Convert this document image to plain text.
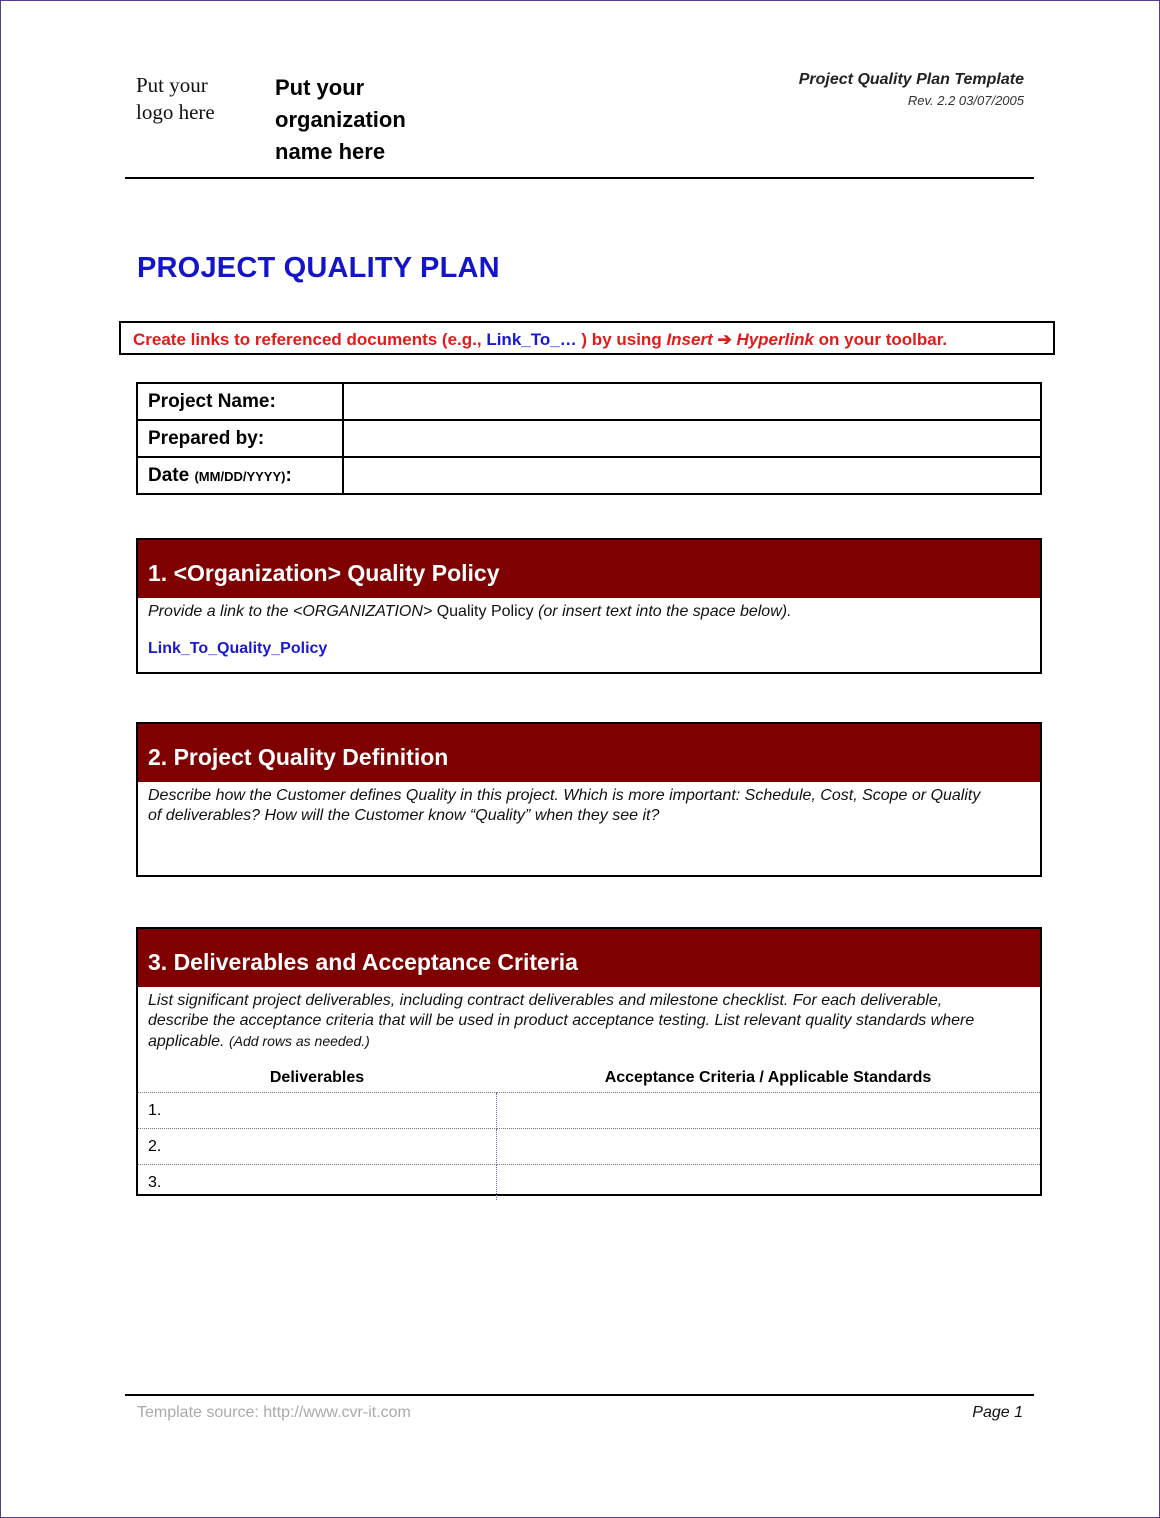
Put your
logo here
Put your
organization
name here
Project Quality Plan Template
Rev. 2.2 03/07/2005
PROJECT QUALITY PLAN
Create links to referenced documents (e.g., Link_To_… ) by using Insert ➔ Hyperlink on your toolbar.
Project Name:	
Prepared by:	
Date (MM/DD/YYYY):	
1. <Organization> Quality Policy
Provide a link to the <ORGANIZATION> Quality Policy (or insert text into the space below).
Link_To_Quality_Policy
2. Project Quality Definition
Describe how the Customer defines Quality in this project. Which is more important: Schedule, Cost, Scope or Quality
of deliverables? How will the Customer know “Quality” when they see it?
3. Deliverables and Acceptance Criteria
List significant project deliverables, including contract deliverables and milestone checklist. For each deliverable,
describe the acceptance criteria that will be used in product acceptance testing. List relevant quality standards where
applicable. (Add rows as needed.)
Deliverables	Acceptance Criteria / Applicable Standards
1.	
2.	
3.	
Template source: http://www.cvr-it.com	Page 1
